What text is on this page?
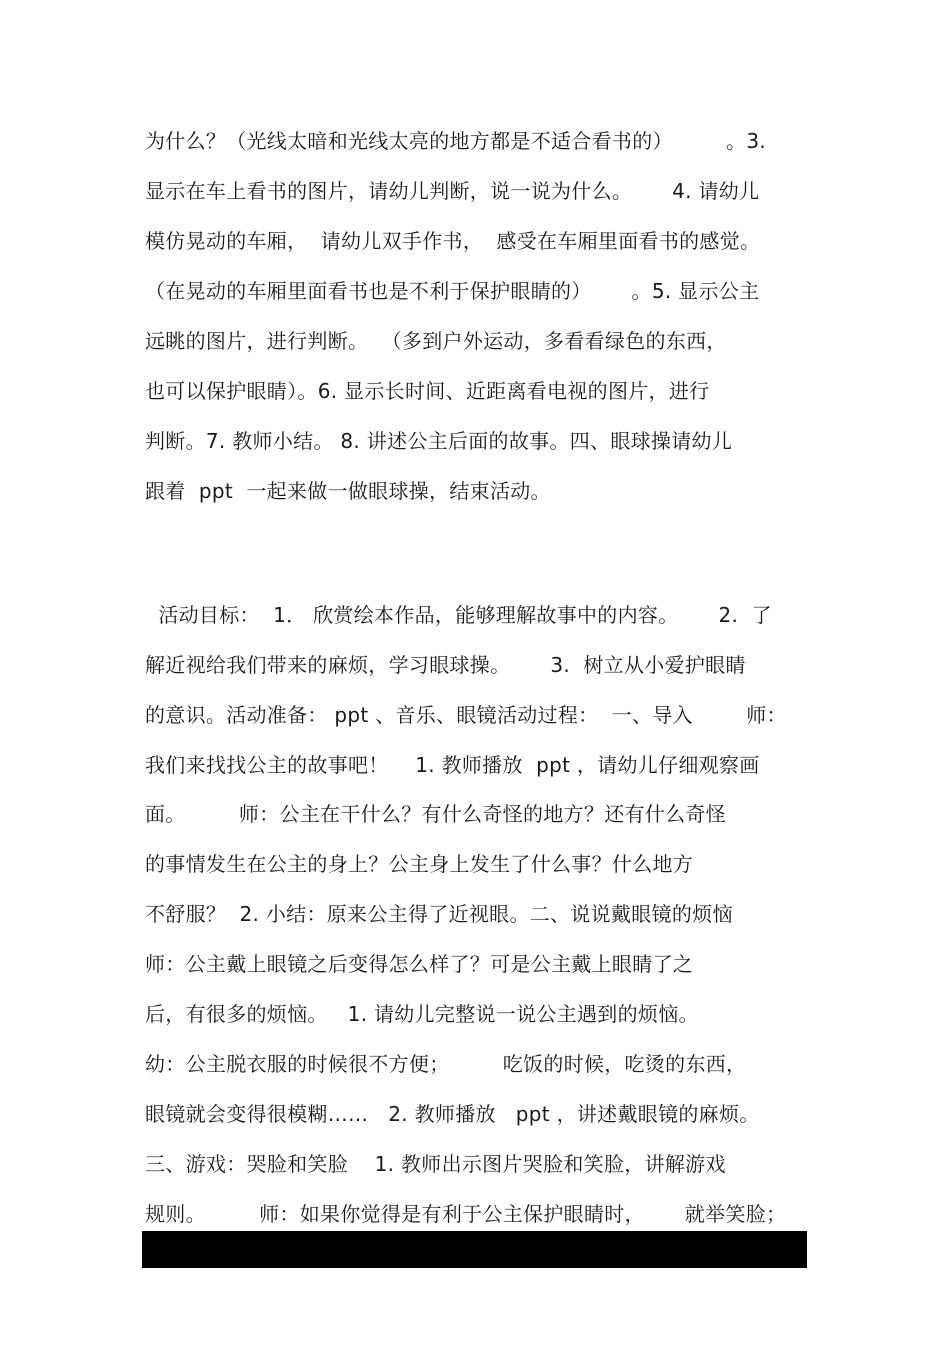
为什么？（光线太暗和光线太亮的地方都是不适合看书的）        。3.
显示在车上看书的图片，请幼儿判断，说一说为什么。      4. 请幼儿
模仿晃动的车厢，  请幼儿双手作书，  感受在车厢里面看书的感觉。
（在晃动的车厢里面看书也是不利于保护眼睛的）      。5. 显示公主
远眺的图片，进行判断。  （多到户外运动，多看看绿色的东西，
也可以保护眼睛）。6. 显示长时间、近距离看电视的图片，进行
判断。7. 教师小结。 8. 讲述公主后面的故事。四、眼球操请幼儿
跟着  ppt  一起来做一做眼球操，结束活动。
活动目标：  1． 欣赏绘本作品，能够理解故事中的内容。      2.  了
解近视给我们带来的麻烦，学习眼球操。      3.  树立从小爱护眼睛
的意识。活动准备： ppt 、音乐、眼镜活动过程：  一、导入        师：
我们来找找公主的故事吧！    1. 教师播放  ppt ，请幼儿仔细观察画
面。        师：公主在干什么？有什么奇怪的地方？还有什么奇怪
的事情发生在公主的身上？公主身上发生了什么事？什么地方
不舒服？  2. 小结：原来公主得了近视眼。二、说说戴眼镜的烦恼
师：公主戴上眼镜之后变得怎么样了？可是公主戴上眼睛了之
后，有很多的烦恼。   1. 请幼儿完整说一说公主遇到的烦恼。
幼：公主脱衣服的时候很不方便；        吃饭的时候，吃烫的东西，
眼镜就会变得很模糊……   2. 教师播放   ppt ，讲述戴眼镜的麻烦。
三、游戏：哭脸和笑脸    1. 教师出示图片哭脸和笑脸，讲解游戏
规则。        师：如果你觉得是有利于公主保护眼睛时，      就举笑脸；
